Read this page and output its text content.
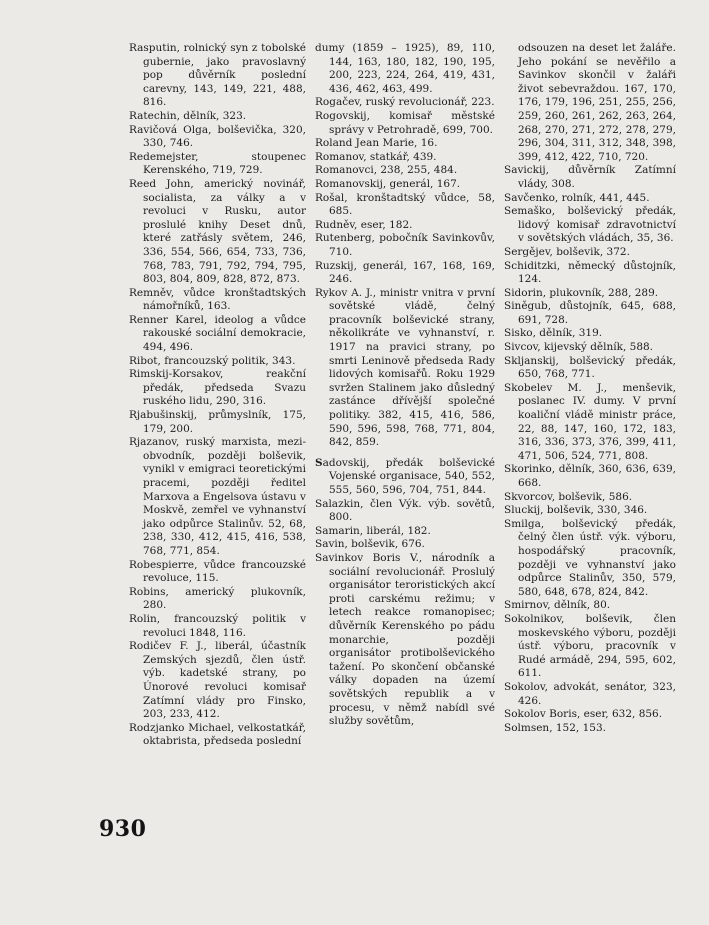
Rasputin, rolnický syn z tobolské gubernie, jako pravoslavný pop důvěrník poslední carevny, 143, 149, 221, 488, 816.

Ratechin, dělník, 323.

Ravičová Olga, bolševička, 320, 330, 746.

Redemejster, stoupenec Kerenského, 719, 729.

Reed John, americký novinář, socialista, za války a v revoluci v Rusku, autor proslulé knihy Deset dnů, které zatřásly světem, 246, 336, 554, 566, 654, 733, 736, 768, 783, 791, 792, 794, 795, 803, 804, 809, 828, 872, 873.

Remněv, vůdce kronštadtských námořníků, 163.

Renner Karel, ideolog a vůdce rakouské sociální demokracie, 494, 496.

Ribot, francouzský politik, 343.

Rimskij-Korsakov, reakční předák, předseda Svazu ruského lidu, 290, 316.

Rjabušinskij, průmyslník, 175, 179, 200.

Rjazanov, ruský marxista, mezi- obvodník, později bolševik, vynikl v emigraci teoretickými pracemi, později ředitel Marxova a Engelsova ústavu v Moskvě, zemřel ve vyhnanství jako odpůrce Stalinův. 52, 68, 238, 330, 412, 415, 416, 538, 768, 771, 854.

Robespierre, vůdce francouzské revoluce, 115.

Robins, americký plukovník, 280.

Rolin, francouzský politik v revoluci 1848, 116.

Rodičev F. J., liberál, účastník Zemských sjezdů, člen ústř. výb. kadetské strany, po Únorové revoluci komisař Zatímní vlády pro Finsko, 203, 233, 412.

Rodzjanko Michael, velkostatkář, oktabrista, předseda poslední

dumy (1859 – 1925), 89, 110, 144, 163, 180, 182, 190, 195, 200, 223, 224, 264, 419, 431, 436, 462, 463, 499.

Rogačev, ruský revolucionář, 223.

Rogovskij, komisař městské správy v Petrohradě, 699, 700.

Roland Jean Marie, 16.

Romanov, statkář, 439.

Romanovci, 238, 255, 484.

Romanovskij, generál, 167.

Rošal, kronštadtský vůdce, 58, 685.

Rudněv, eser, 182.

Rutenberg, pobočník Savinkovův, 710.

Ruzskij, generál, 167, 168, 169, 246.

Rykov A. J., ministr vnitra v první sovětské vládě, čelný pracovník bolševické strany, několikráte ve vyhnanství, r. 1917 na pravici strany, po smrti Leninově předseda Rady lidových komisařů. Roku 1929 svržen Stalinem jako důsledný zastánce dřívější společné politiky. 382, 415, 416, 586, 590, 596, 598, 768, 771, 804, 842, 859.

Sadovskij, předák bolševické Vojenské organisace, 540, 552, 555, 560, 596, 704, 751, 844.

Salazkin, člen Výk. výb. sovětů, 800.

Samarin, liberál, 182.

Savin, bolševik, 676.

Savinkov Boris V., národník a sociální revolucionář. Proslulý organisátor teroristických akcí proti carskému režimu; v letech reakce romanopisec; důvěrník Kerenského po pádu monarchie, později organisátor protibolševického tažení. Po skončení občanské války dopaden na území sovětských republik a v procesu, v němž nabídl své služby sovětům,

odsouzen na deset let žaláře. Jeho pokání se nevěřilo a Savinkov skončil v žaláři život sebevraždou. 167, 170, 176, 179, 196, 251, 255, 256, 259, 260, 261, 262, 263, 264, 268, 270, 271, 272, 278, 279, 296, 304, 311, 312, 348, 398, 399, 412, 422, 710, 720.

Savickij, důvěrník Zatímní vlády, 308.

Savčenko, rolník, 441, 445.

Semaško, bolševický předák, lidový komisař zdravotnictví v sovětských vládách, 35, 36.

Sergějev, bolševik, 372.

Schiditzki, německý důstojník, 124.

Sidorin, plukovník, 288, 289.

Siněgub, důstojník, 645, 688, 691, 728.

Sisko, dělník, 319.

Sivcov, kijevský dělník, 588.

Skljanskij, bolševický předák, 650, 768, 771.

Skobelev M. J., menševik, poslanec IV. dumy. V první koaliční vládě ministr práce, 22, 88, 147, 160, 172, 183, 316, 336, 373, 376, 399, 411, 471, 506, 524, 771, 808.

Skorinko, dělník, 360, 636, 639, 668.

Skvorcov, bolševik, 586.

Sluckij, bolševik, 330, 346.

Smilga, bolševický předák, čelný člen ústř. výk. výboru, hospodářský pracovník, později ve vyhnanství jako odpůrce Stalinův, 350, 579, 580, 648, 678, 824, 842.

Smirnov, dělník, 80.

Sokolnikov, bolševik, člen moskevského výboru, později ústř. výboru, pracovník v Rudé armádě, 294, 595, 602, 611.

Sokolov, advokát, senátor, 323, 426.

Sokolov Boris, eser, 632, 856.

Solmsen, 152, 153.

930
